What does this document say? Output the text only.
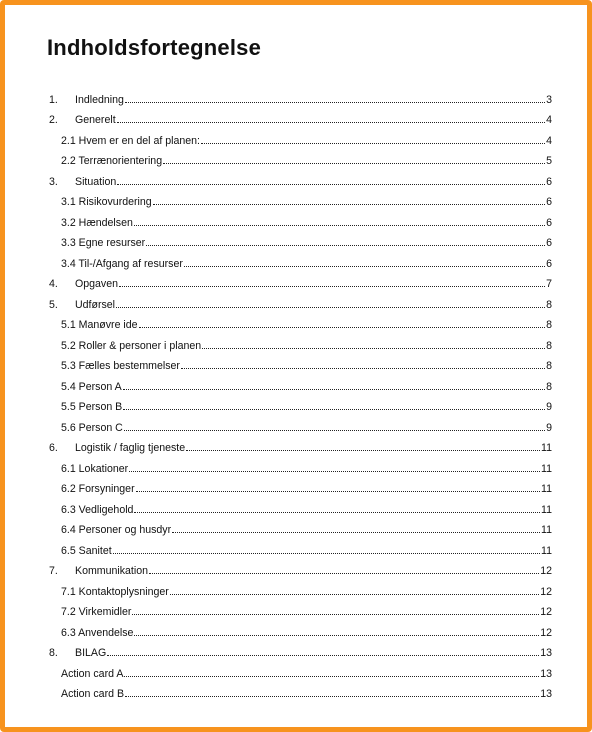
Indholdsfortegnelse
1.	Indledning	3
2.	Generelt	4
2.1 Hvem er en del af planen:	4
2.2 Terrænorientering	5
3.	Situation	6
3.1 Risikovurdering	6
3.2 Hændelsen	6
3.3 Egne resurser	6
3.4 Til-/Afgang af resurser	6
4.	Opgaven	7
5.	Udførsel	8
5.1 Manøvre ide	8
5.2 Roller & personer i planen	8
5.3 Fælles bestemmelser	8
5.4 Person A	8
5.5 Person B	9
5.6 Person C	9
6.	Logistik / faglig tjeneste	11
6.1 Lokationer	11
6.2 Forsyninger	11
6.3 Vedligehold	11
6.4 Personer og husdyr	11
6.5 Sanitet	11
7.	Kommunikation	12
7.1 Kontaktoplysninger	12
7.2 Virkemidler	12
6.3 Anvendelse	12
8.	BILAG	13
Action card A	13
Action card B	13
